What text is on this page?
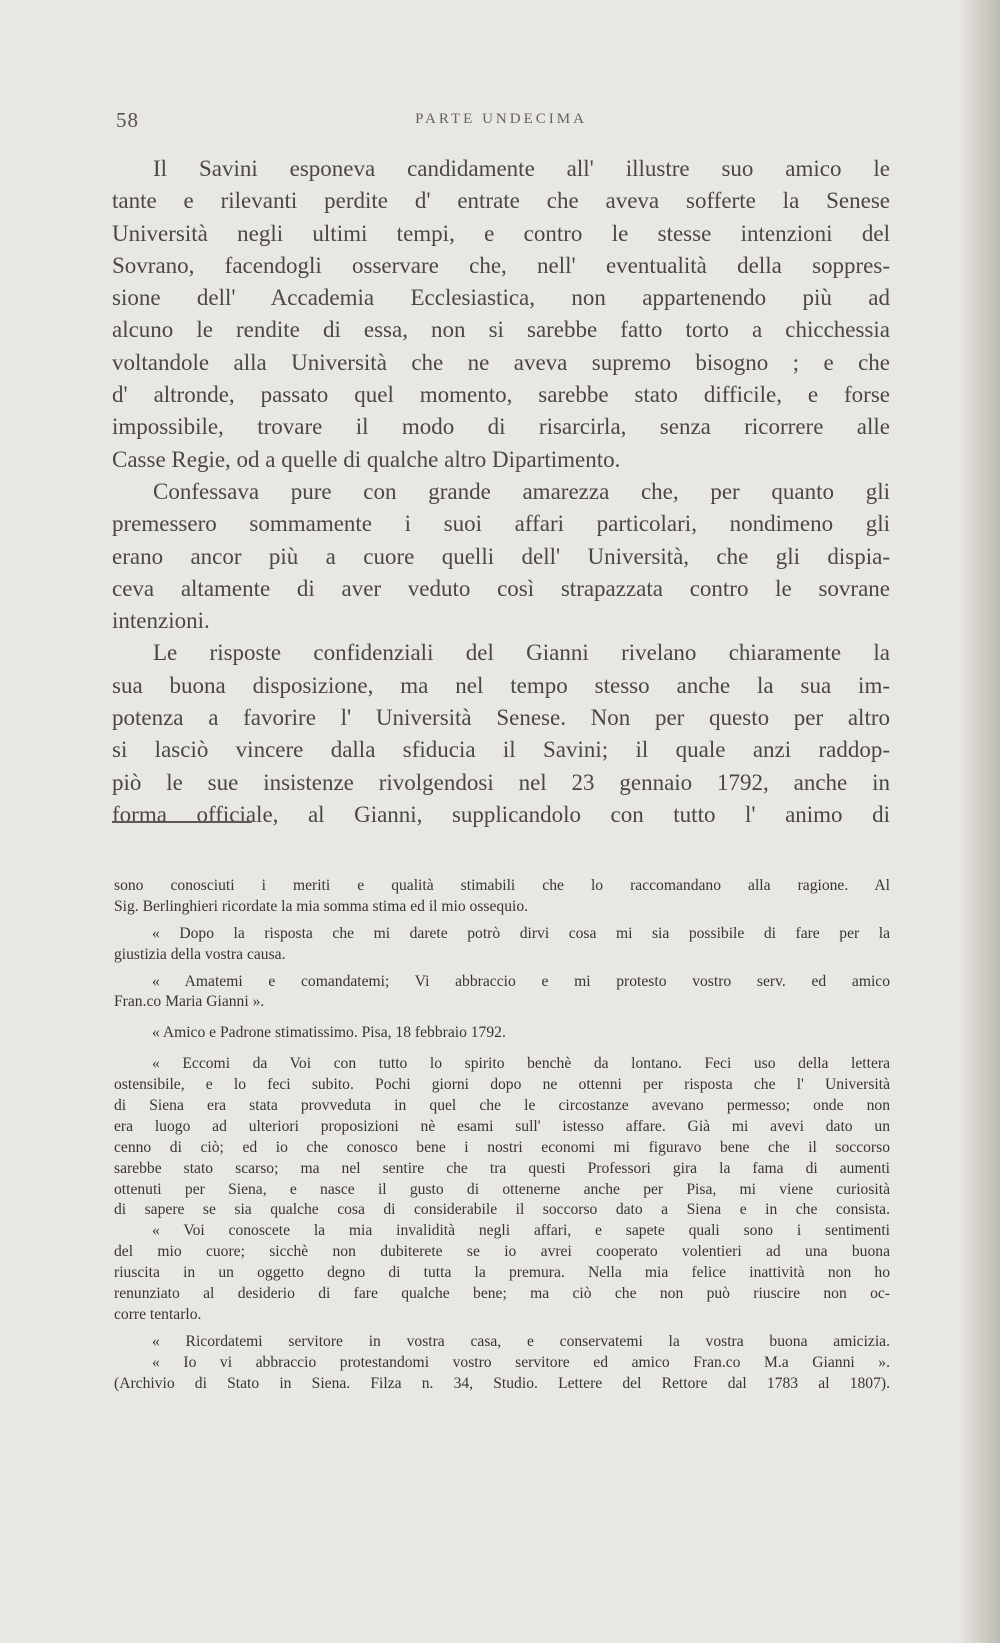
58	PARTE UNDECIMA
Il Savini esponeva candidamente all' illustre suo amico le
tante e rilevanti perdite d' entrate che aveva sofferte la Senese
Università negli ultimi tempi, e contro le stesse intenzioni del
Sovrano, facendogli osservare che, nell' eventualità della soppres-
sione dell' Accademia Ecclesiastica, non appartenendo più ad
alcuno le rendite di essa, non si sarebbe fatto torto a chicchessia
voltandole alla Università che ne aveva supremo bisogno ; e che
d' altronde, passato quel momento, sarebbe stato difficile, e forse
impossibile, trovare il modo di risarcirla, senza ricorrere alle
Casse Regie, od a quelle di qualche altro Dipartimento.
Confessava pure con grande amarezza che, per quanto gli
premessero sommamente i suoi affari particolari, nondimeno gli
erano ancor più a cuore quelli dell' Università, che gli dispia-
ceva altamente di aver veduto così strapazzata contro le sovrane
intenzioni.
Le risposte confidenziali del Gianni rivelano chiaramente la
sua buona disposizione, ma nel tempo stesso anche la sua im-
potenza a favorire l' Università Senese. Non per questo per altro
si lasciò vincere dalla sfiducia il Savini; il quale anzi raddop-
piò le sue insistenze rivolgendosi nel 23 gennaio 1792, anche in
forma officiale, al Gianni, supplicandolo con tutto l' animo di
sono conosciuti i meriti e qualità stimabili che lo raccomandano alla ragione. Al
Sig. Berlinghieri ricordate la mia somma stima ed il mio ossequio.
« Dopo la risposta che mi darete potrò dirvi cosa mi sia possibile di fare per la
giustizia della vostra causa.
« Amatemi e comandatemi; Vi abbraccio e mi protesto vostro serv. ed amico
Fran.co Maria Gianni ».
« Amico e Padrone stimatissimo. Pisa, 18 febbraio 1792.
« Eccomi da Voi con tutto lo spirito benchè da lontano. Feci uso della lettera
ostensibile, e lo feci subito. Pochi giorni dopo ne ottenni per risposta che l' Università
di Siena era stata provveduta in quel che le circostanze avevano permesso; onde non
era luogo ad ulteriori proposizioni nè esami sull' istesso affare. Già mi avevi dato un
cenno di ciò; ed io che conosco bene i nostri economi mi figuravo bene che il soccorso
sarebbe stato scarso; ma nel sentire che tra questi Professori gira la fama di aumenti
ottenuti per Siena, e nasce il gusto di ottenerne anche per Pisa, mi viene curiosità
di sapere se sia qualche cosa di considerabile il soccorso dato a Siena e in che consista.
« Voi conoscete la mia invalidità negli affari, e sapete quali sono i sentimenti
del mio cuore; sicchè non dubiterete se io avrei cooperato volentieri ad una buona
riuscita in un oggetto degno di tutta la premura. Nella mia felice inattività non ho
renunziato al desiderio di fare qualche bene; ma ciò che non può riuscire non oc-
corre tentarlo.
« Ricordatemi servitore in vostra casa, e conservatemi la vostra buona amicizia.
« Io vi abbraccio protestandomi vostro servitore ed amico Fran.co M.a Gianni ».
(Archivio di Stato in Siena. Filza n. 34, Studio. Lettere del Rettore dal 1783 al 1807).
